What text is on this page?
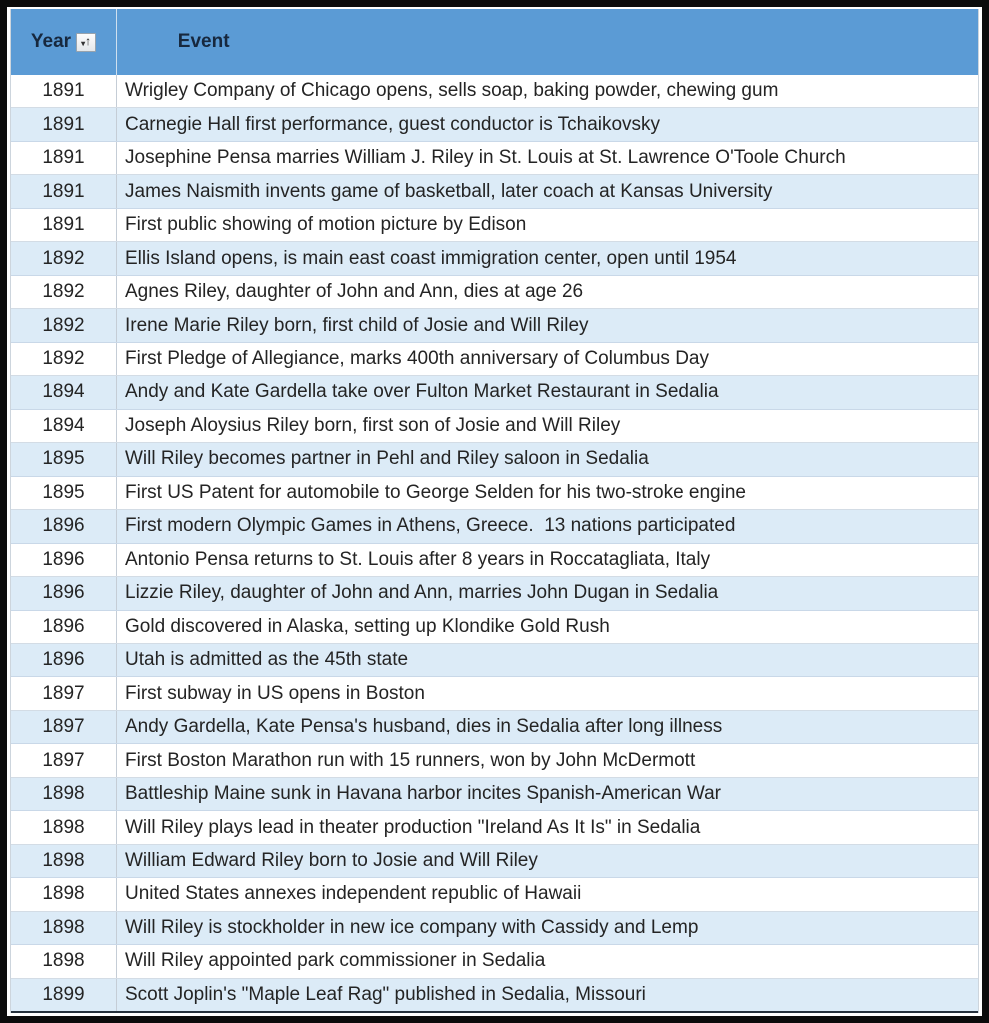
Year ▾ ↑	Event

1891	Wrigley Company of Chicago opens, sells soap, baking powder, chewing gum
1891	Carnegie Hall first performance, guest conductor is Tchaikovsky
1891	Josephine Pensa marries William J. Riley in St. Louis at St. Lawrence O'Toole Church
1891	James Naismith invents game of basketball, later coach at Kansas University
1891	First public showing of motion picture by Edison
1892	Ellis Island opens, is main east coast immigration center, open until 1954
1892	Agnes Riley, daughter of John and Ann, dies at age 26
1892	Irene Marie Riley born, first child of Josie and Will Riley
1892	First Pledge of Allegiance, marks 400th anniversary of Columbus Day
1894	Andy and Kate Gardella take over Fulton Market Restaurant in Sedalia
1894	Joseph Aloysius Riley born, first son of Josie and Will Riley
1895	Will Riley becomes partner in Pehl and Riley saloon in Sedalia
1895	First US Patent for automobile to George Selden for his two-stroke engine
1896	First modern Olympic Games in Athens, Greece.  13 nations participated
1896	Antonio Pensa returns to St. Louis after 8 years in Roccatagliata, Italy
1896	Lizzie Riley, daughter of John and Ann, marries John Dugan in Sedalia
1896	Gold discovered in Alaska, setting up Klondike Gold Rush
1896	Utah is admitted as the 45th state
1897	First subway in US opens in Boston
1897	Andy Gardella, Kate Pensa's husband, dies in Sedalia after long illness
1897	First Boston Marathon run with 15 runners, won by John McDermott
1898	Battleship Maine sunk in Havana harbor incites Spanish-American War
1898	Will Riley plays lead in theater production "Ireland As It Is" in Sedalia
1898	William Edward Riley born to Josie and Will Riley
1898	United States annexes independent republic of Hawaii
1898	Will Riley is stockholder in new ice company with Cassidy and Lemp
1898	Will Riley appointed park commissioner in Sedalia
1899	Scott Joplin's "Maple Leaf Rag" published in Sedalia, Missouri
